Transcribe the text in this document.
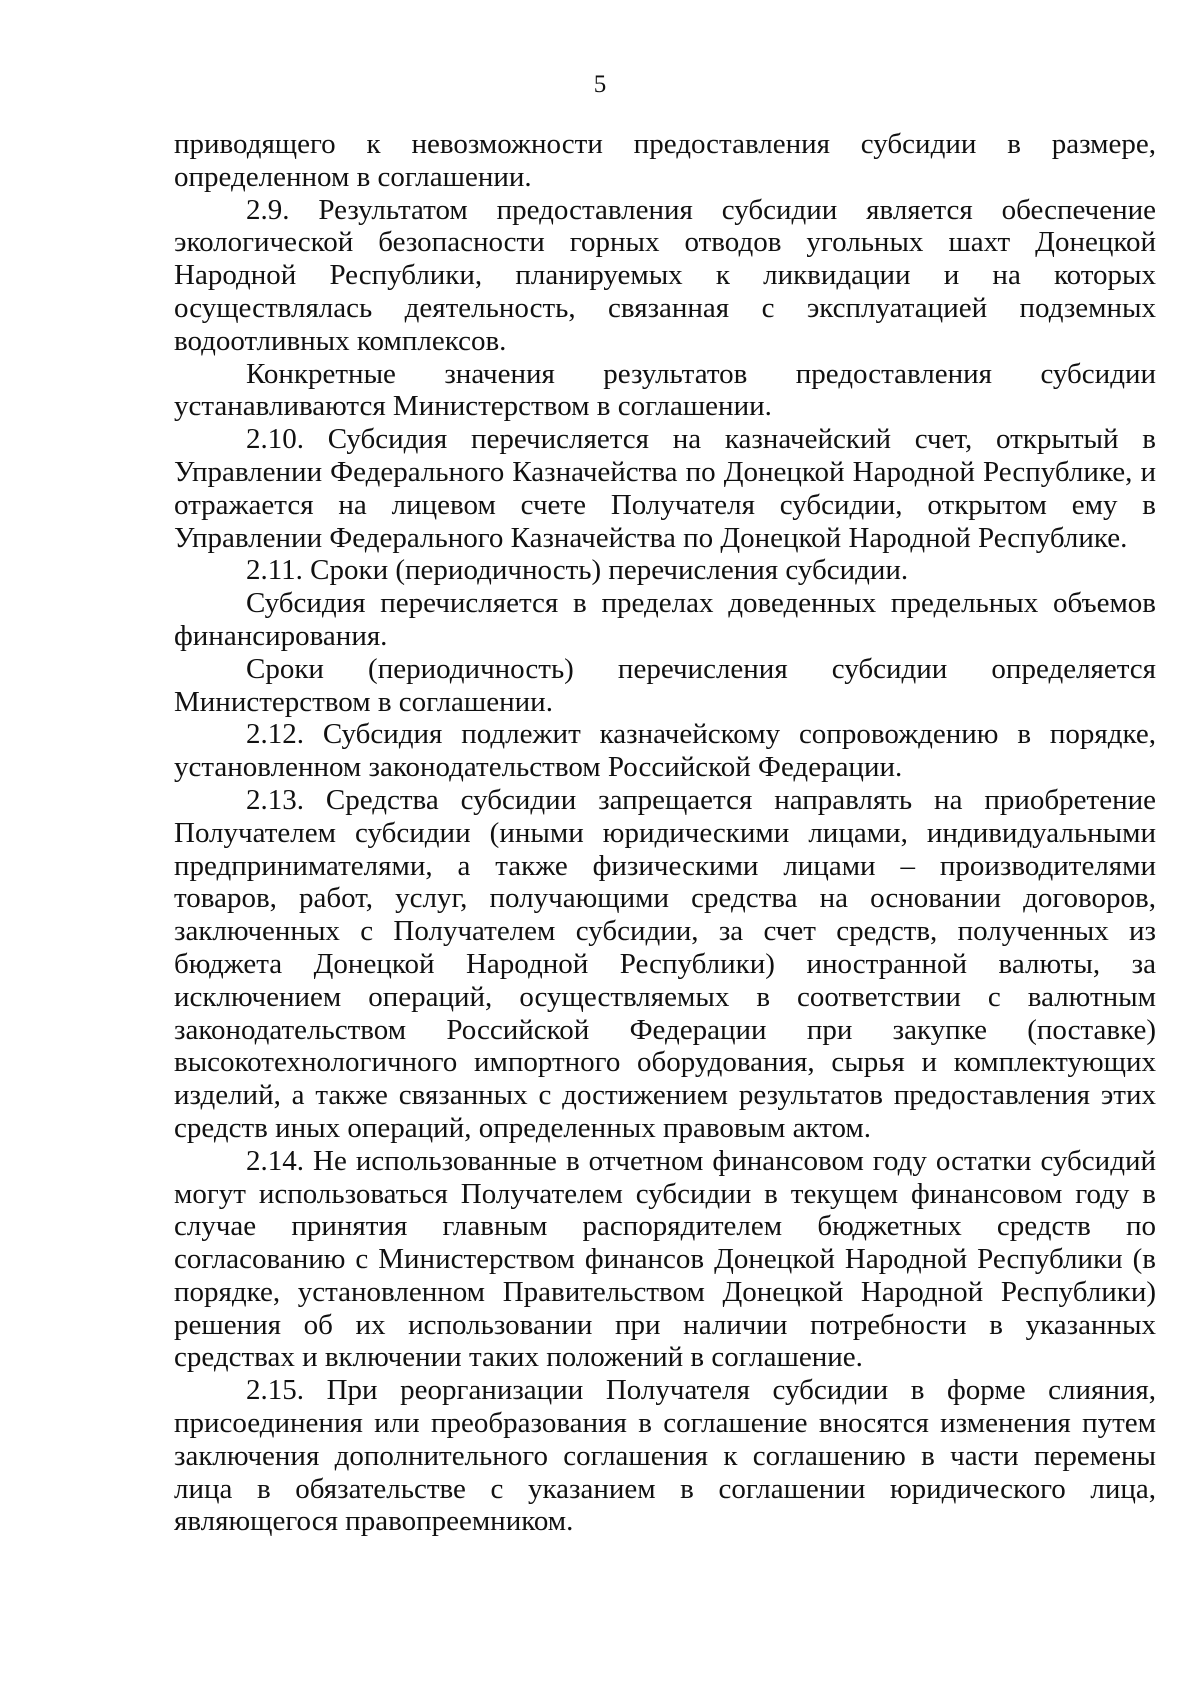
5

приводящего к невозможности предоставления субсидии в размере, определенном в соглашении.

2.9. Результатом предоставления субсидии является обеспечение экологической безопасности горных отводов угольных шахт Донецкой Народной Республики, планируемых к ликвидации и на которых осуществлялась деятельность, связанная с эксплуатацией подземных водоотливных комплексов.

Конкретные значения результатов предоставления субсидии устанавливаются Министерством в соглашении.

2.10. Субсидия перечисляется на казначейский счет, открытый в Управлении Федерального Казначейства по Донецкой Народной Республике, и отражается на лицевом счете Получателя субсидии, открытом ему в Управлении Федерального Казначейства по Донецкой Народной Республике.

2.11. Сроки (периодичность) перечисления субсидии.

Субсидия перечисляется в пределах доведенных предельных объемов финансирования.

Сроки (периодичность) перечисления субсидии определяется Министерством в соглашении.

2.12. Субсидия подлежит казначейскому сопровождению в порядке, установленном законодательством Российской Федерации.

2.13. Средства субсидии запрещается направлять на приобретение Получателем субсидии (иными юридическими лицами, индивидуальными предпринимателями, а также физическими лицами – производителями товаров, работ, услуг, получающими средства на основании договоров, заключенных с Получателем субсидии, за счет средств, полученных из бюджета Донецкой Народной Республики) иностранной валюты, за исключением операций, осуществляемых в соответствии с валютным законодательством Российской Федерации при закупке (поставке) высокотехнологичного импортного оборудования, сырья и комплектующих изделий, а также связанных с достижением результатов предоставления этих средств иных операций, определенных правовым актом.

2.14. Не использованные в отчетном финансовом году остатки субсидий могут использоваться Получателем субсидии в текущем финансовом году в случае принятия главным распорядителем бюджетных средств по согласованию с Министерством финансов Донецкой Народной Республики (в порядке, установленном Правительством Донецкой Народной Республики) решения об их использовании при наличии потребности в указанных средствах и включении таких положений в соглашение.

2.15. При реорганизации Получателя субсидии в форме слияния, присоединения или преобразования в соглашение вносятся изменения путем заключения дополнительного соглашения к соглашению в части перемены лица в обязательстве с указанием в соглашении юридического лица, являющегося правопреемником.
